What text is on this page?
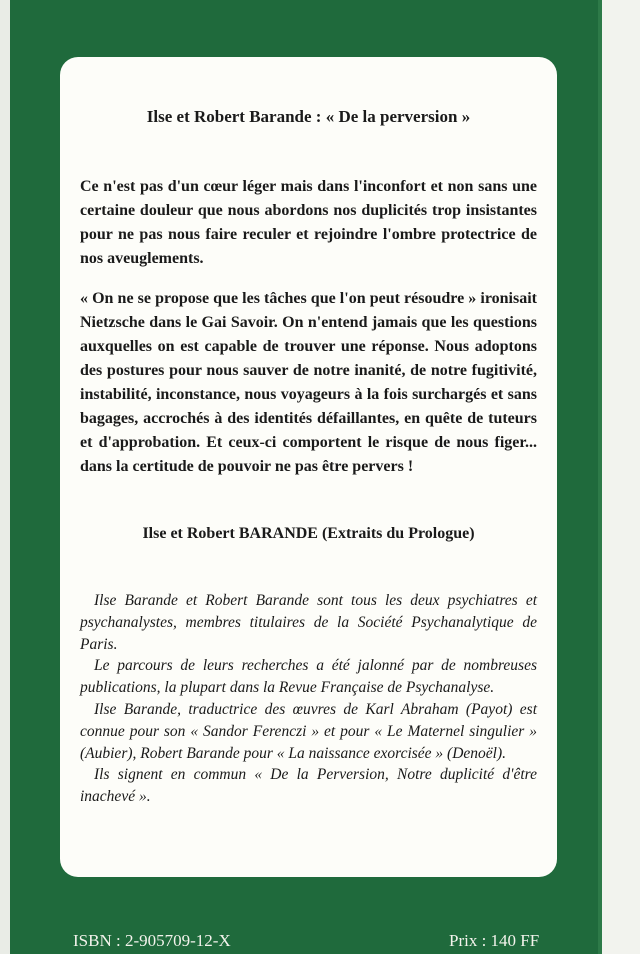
Ilse et Robert Barande : « De la perversion »
Ce n'est pas d'un cœur léger mais dans l'inconfort et non sans une certaine douleur que nous abordons nos duplicités trop insistantes pour ne pas nous faire reculer et rejoindre l'ombre protectrice de nos aveuglements.
« On ne se propose que les tâches que l'on peut résoudre » ironisait Nietzsche dans le Gai Savoir. On n'entend jamais que les questions auxquelles on est capable de trouver une réponse. Nous adoptons des postures pour nous sauver de notre inanité, de notre fugitivité, instabilité, inconstance, nous voyageurs à la fois surchargés et sans bagages, accrochés à des identités défaillantes, en quête de tuteurs et d'approbation. Et ceux-ci comportent le risque de nous figer... dans la certitude de pouvoir ne pas être pervers !
Ilse et Robert BARANDE (Extraits du Prologue)

Ilse Barande et Robert Barande sont tous les deux psychiatres et psychanalystes, membres titulaires de la Société Psychanalytique de Paris.

Le parcours de leurs recherches a été jalonné par de nombreuses publications, la plupart dans la Revue Française de Psychanalyse.

Ilse Barande, traductrice des œuvres de Karl Abraham (Payot) est connue pour son « Sandor Ferenczi » et pour « Le Maternel singulier » (Aubier), Robert Barande pour « La naissance exorcisée » (Denoël).

Ils signent en commun « De la Perversion, Notre duplicité d'être inachevé ».

ISBN : 2-905709-12-X	Prix : 140 FF
